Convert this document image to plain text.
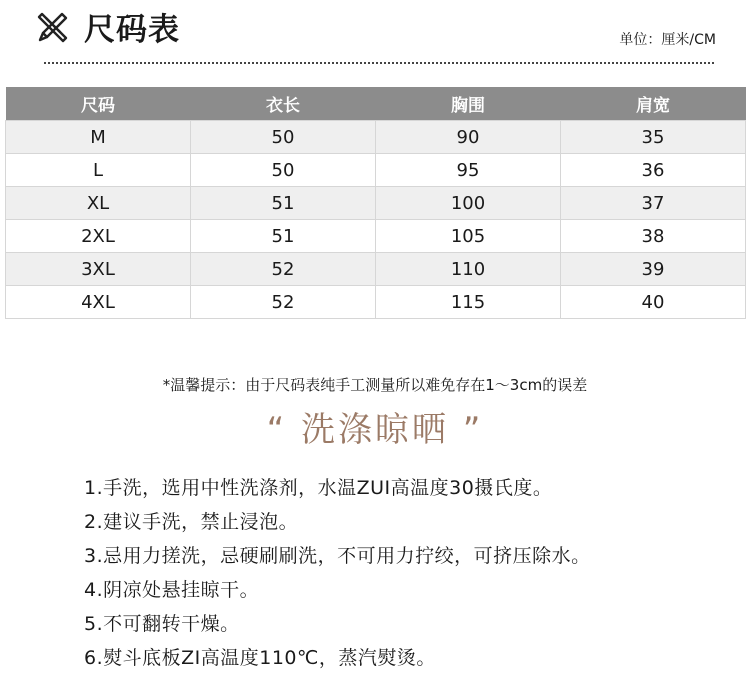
尺码表	单位：厘米/CM
尺码	衣长	胸围	肩宽
M	50	90	35
L	50	95	36
XL	51	100	37
2XL	51	105	38
3XL	52	110	39
4XL	52	115	40
*温馨提示：由于尺码表纯手工测量所以难免存在1～3cm的误差
“ 洗涤晾晒 ”
1.手洗，选用中性洗涤剂，水温ZUI高温度30摄氏度。
2.建议手洗，禁止浸泡。
3.忌用力搓洗，忌硬刷刷洗，不可用力拧绞，可挤压除水。
4.阴凉处悬挂晾干。
5.不可翻转干燥。
6.熨斗底板ZI高温度110℃，蒸汽熨烫。
